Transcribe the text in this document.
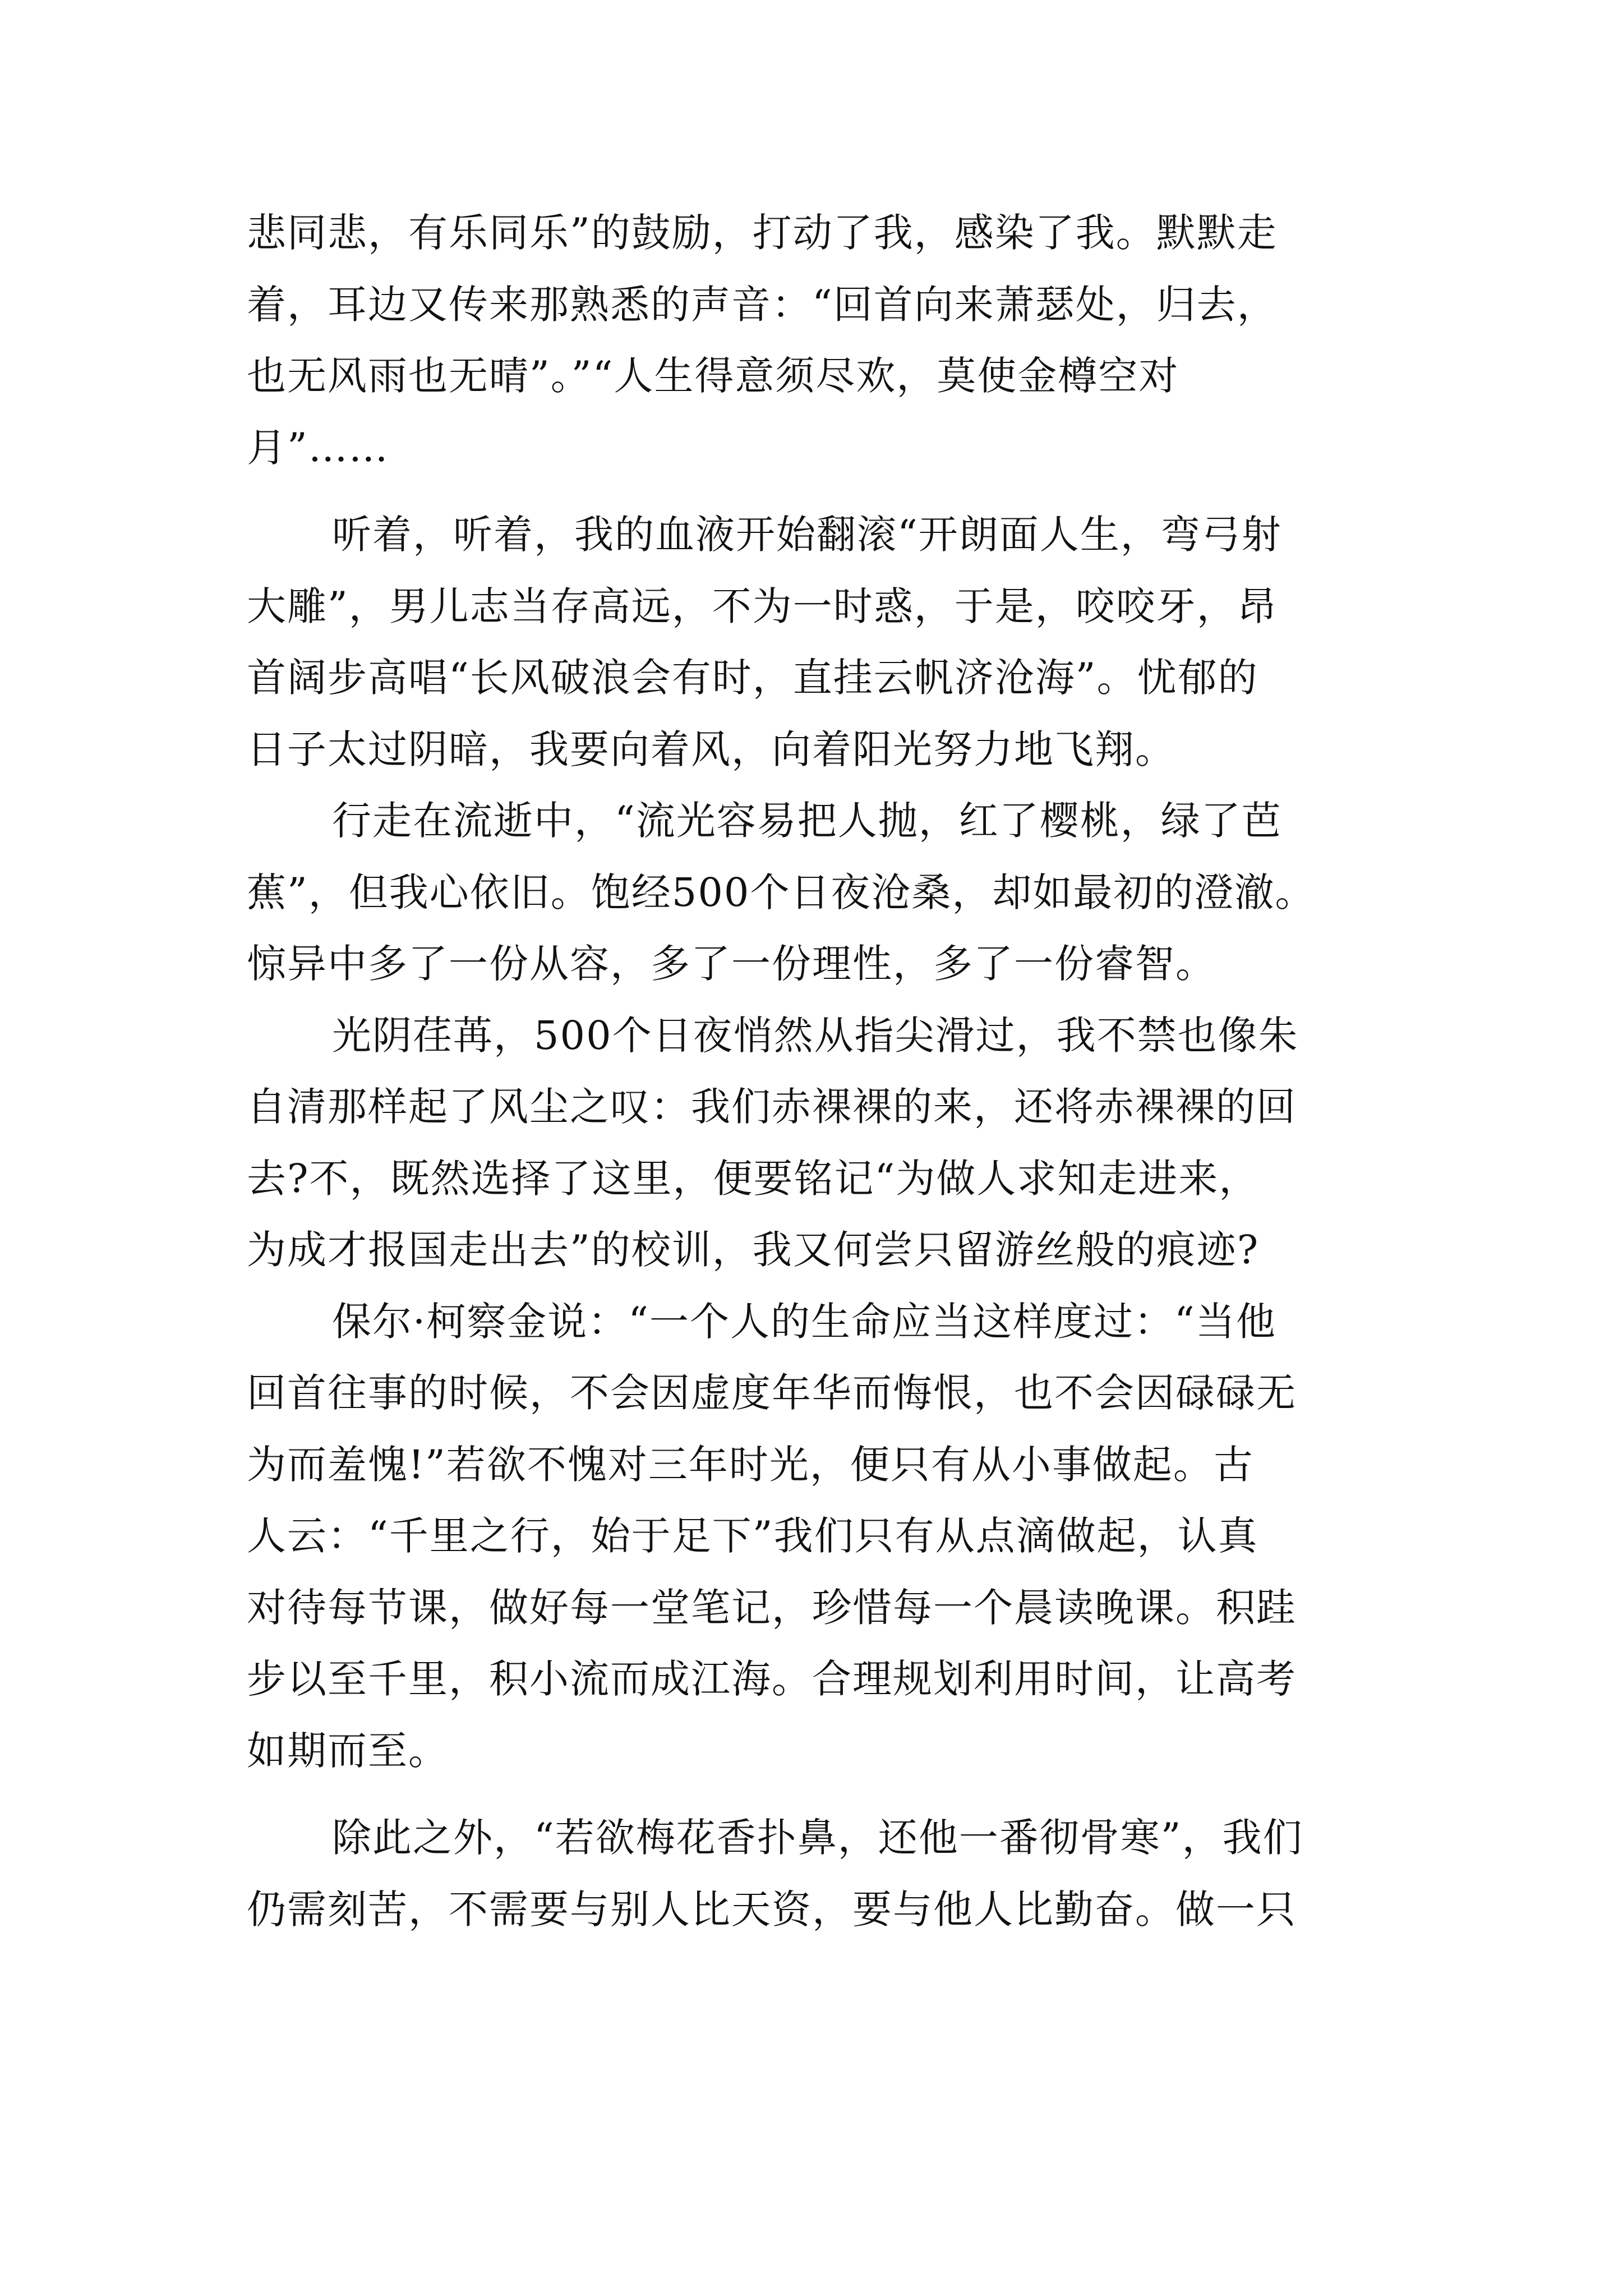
悲同悲，有乐同乐”的鼓励，打动了我，感染了我。默默走
着，耳边又传来那熟悉的声音：“回首向来萧瑟处，归去，
也无风雨也无晴”。”“人生得意须尽欢，莫使金樽空对
月”……
听着，听着，我的血液开始翻滚“开朗面人生，弯弓射
大雕”，男儿志当存高远，不为一时惑，于是，咬咬牙，昂
首阔步高唱“长风破浪会有时，直挂云帆济沧海”。忧郁的
日子太过阴暗，我要向着风，向着阳光努力地飞翔。
行走在流逝中，“流光容易把人抛，红了樱桃，绿了芭
蕉”，但我心依旧。饱经500个日夜沧桑，却如最初的澄澈。
惊异中多了一份从容，多了一份理性，多了一份睿智。
光阴荏苒，500个日夜悄然从指尖滑过，我不禁也像朱
自清那样起了风尘之叹：我们赤裸裸的来，还将赤裸裸的回
去?不，既然选择了这里，便要铭记“为做人求知走进来，
为成才报国走出去”的校训，我又何尝只留游丝般的痕迹?
保尔·柯察金说：“一个人的生命应当这样度过：“当他
回首往事的时候，不会因虚度年华而悔恨，也不会因碌碌无
为而羞愧!”若欲不愧对三年时光，便只有从小事做起。古
人云：“千里之行，始于足下”我们只有从点滴做起，认真
对待每节课，做好每一堂笔记，珍惜每一个晨读晚课。积跬
步以至千里，积小流而成江海。合理规划利用时间，让高考
如期而至。
除此之外，“若欲梅花香扑鼻，还他一番彻骨寒”，我们
仍需刻苦，不需要与别人比天资，要与他人比勤奋。做一只
